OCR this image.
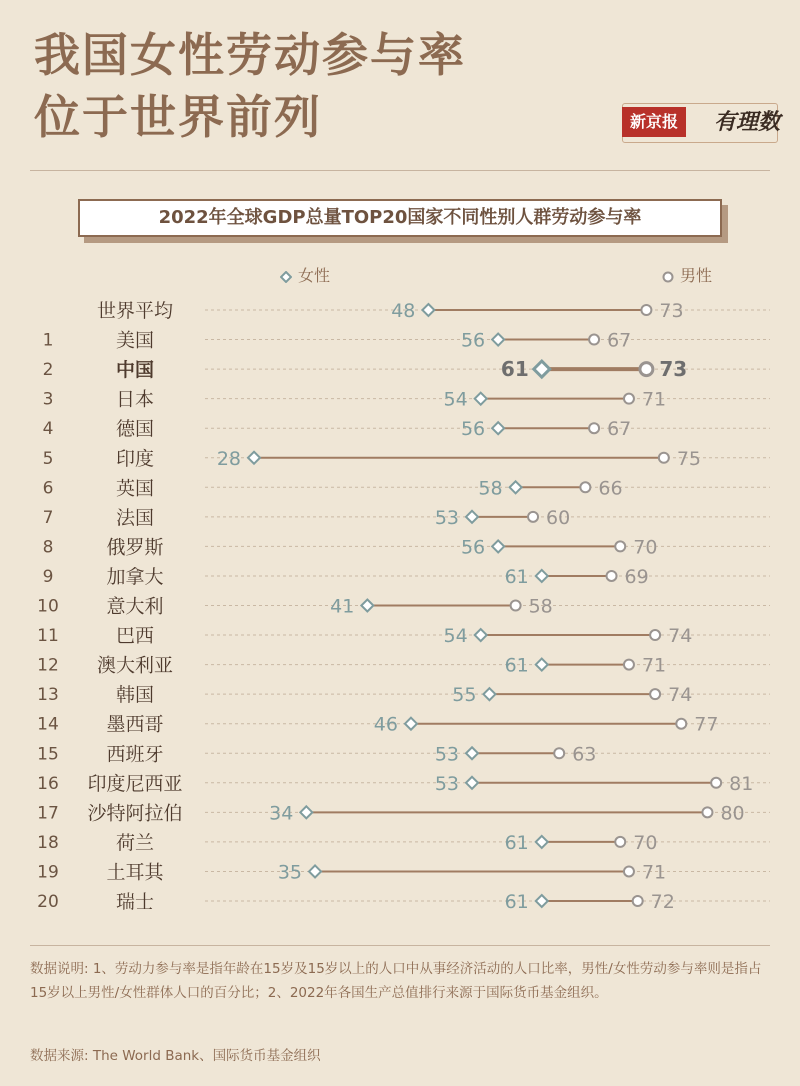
我国女性劳动参与率
位于世界前列	新京报	有理数
2022年全球GDP总量TOP20国家不同性别人群劳动参与率
女性	男性
世界平均	48	73
1	美国	56	67
2	中国	61	73
3	日本	54	71
4	德国	56	67
5	印度	28	75
6	英国	58	66
7	法国	53	60
8	俄罗斯	56	70
9	加拿大	61	69
10	意大利	41	58
11	巴西	54	74
12 澳大利亚	61	71
13	韩国	55	74
14	墨西哥	46	77
15	西班牙	53	63
16 印度尼西亚	53	81
17 沙特阿拉伯	34	80
18	荷兰	61	70
19	土耳其	35	71
20	瑞士	61	72
数据说明: 1、劳动力参与率是指年龄在15岁及15岁以上的人口中从事经济活动的人口比率，男性/女性劳动参与率则是指占15岁以上男性/女性群体人口的百分比；2、2022年各国生产总值排行来源于国际货币基金组织。
数据来源: The World Bank、国际货币基金组织
